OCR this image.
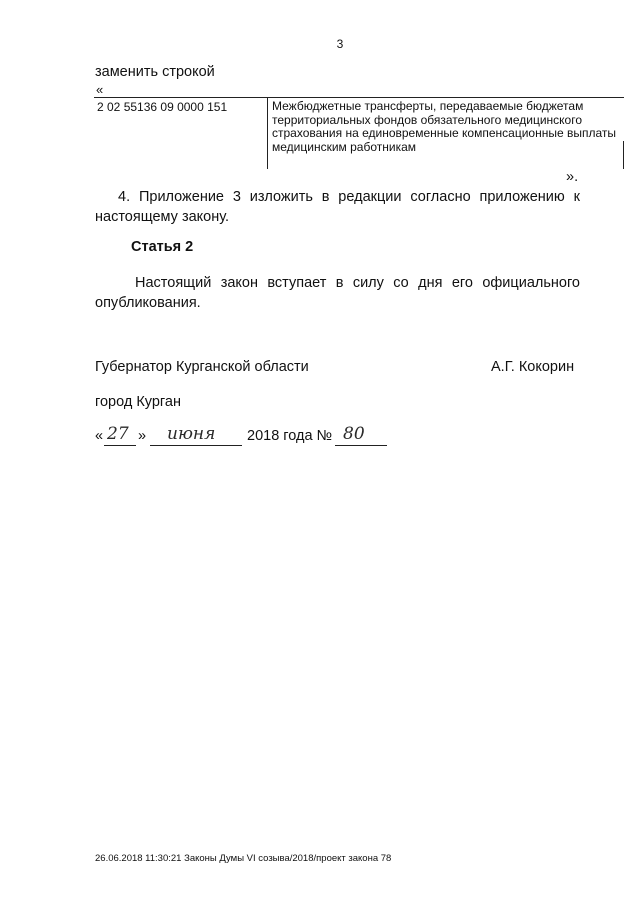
3
заменить строкой
«
2 02 55136 09 0000 151	Межбюджетные трансферты, передаваемые бюджетам территориальных фондов обязательного медицинского страхования на единовременные компенсационные выплаты медицинским работникам
».
4. Приложение 3 изложить в редакции согласно приложению к настоящему закону.
Статья 2
Настоящий закон вступает в силу со дня его официального опубликования.
Губернатор Курганской области	А.Г. Кокорин
город Курган
« 27 » июня 2018 года № 80
26.06.2018 11:30:21 Законы Думы VI созыва/2018/проект закона 78
